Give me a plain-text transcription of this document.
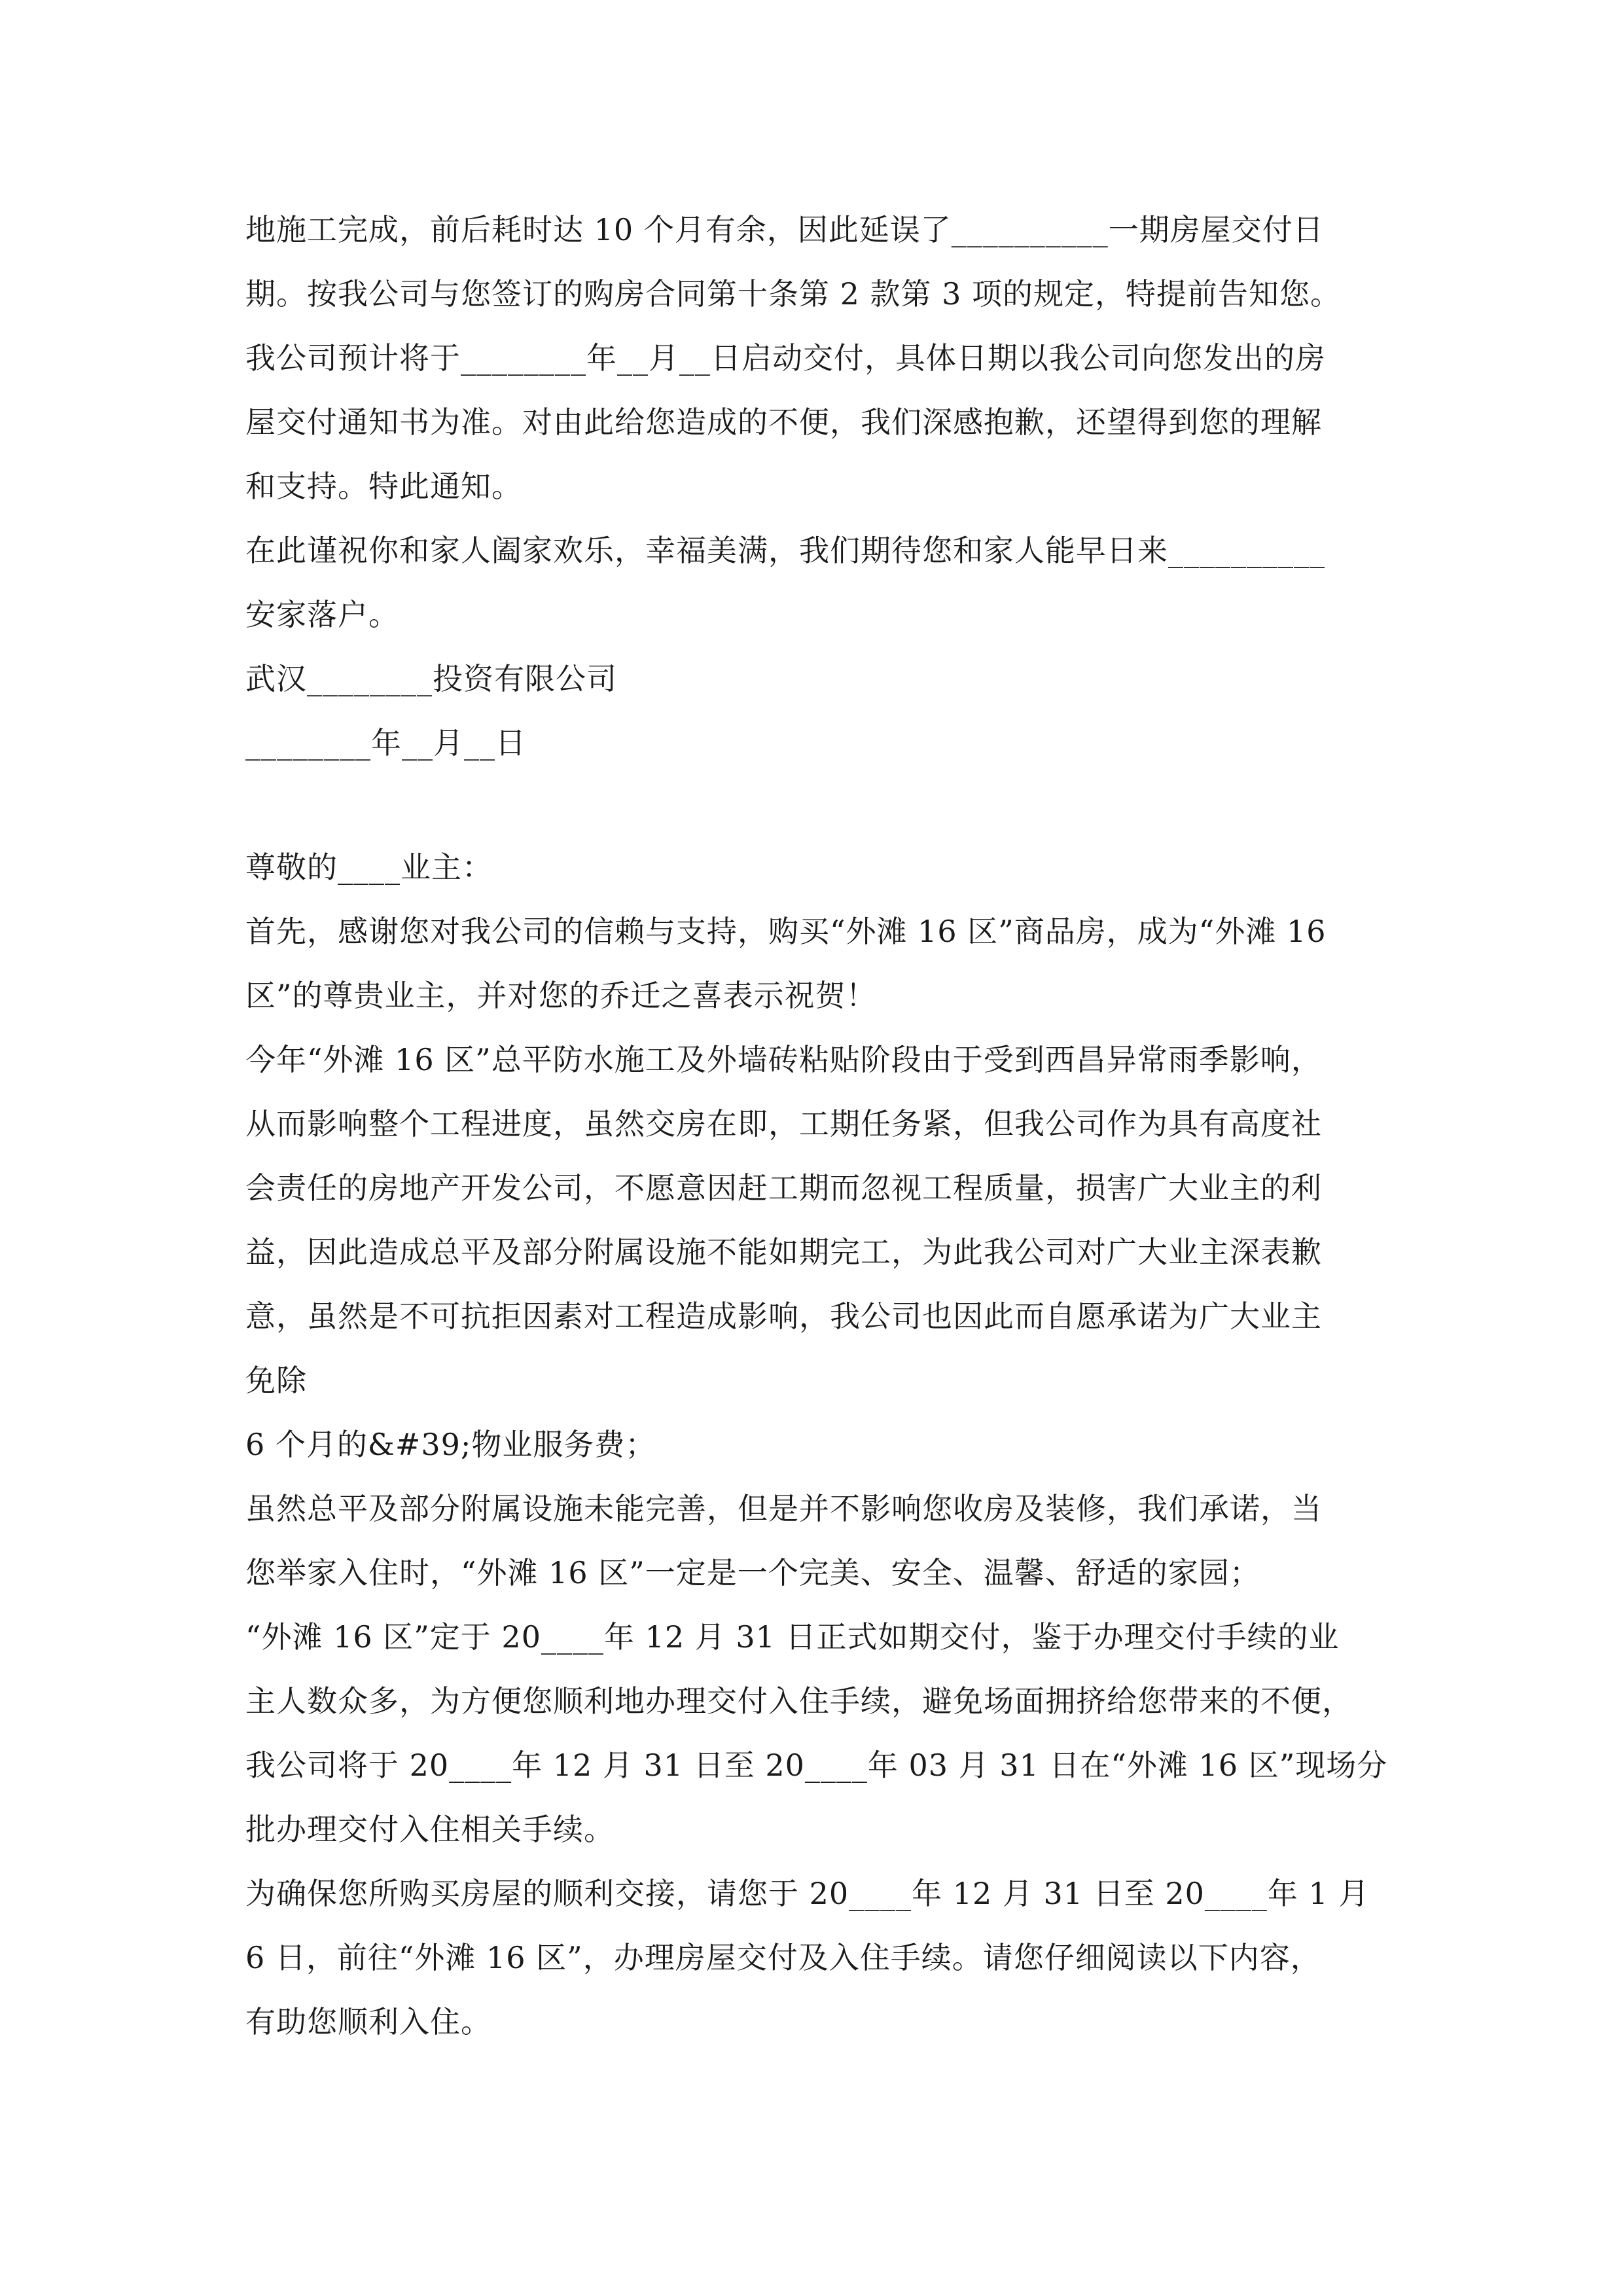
地施工完成，前后耗时达 10 个月有余，因此延误了__________一期房屋交付日
期。按我公司与您签订的购房合同第十条第 2 款第 3 项的规定，特提前告知您。
我公司预计将于________年__月__日启动交付，具体日期以我公司向您发出的房
屋交付通知书为准。对由此给您造成的不便，我们深感抱歉，还望得到您的理解
和支持。特此通知。
在此谨祝你和家人阖家欢乐，幸福美满，我们期待您和家人能早日来__________
安家落户。
武汉________投资有限公司
________年__月__日
尊敬的____业主：
首先，感谢您对我公司的信赖与支持，购买“外滩 16 区”商品房，成为“外滩 16
区”的尊贵业主，并对您的乔迁之喜表示祝贺！
今年“外滩 16 区”总平防水施工及外墙砖粘贴阶段由于受到西昌异常雨季影响，
从而影响整个工程进度，虽然交房在即，工期任务紧，但我公司作为具有高度社
会责任的房地产开发公司，不愿意因赶工期而忽视工程质量，损害广大业主的利
益，因此造成总平及部分附属设施不能如期完工，为此我公司对广大业主深表歉
意，虽然是不可抗拒因素对工程造成影响，我公司也因此而自愿承诺为广大业主
免除
6 个月的&#39;物业服务费；
虽然总平及部分附属设施未能完善，但是并不影响您收房及装修，我们承诺，当
您举家入住时，“外滩 16 区”一定是一个完美、安全、温馨、舒适的家园；
“外滩 16 区”定于 20____年 12 月 31 日正式如期交付，鉴于办理交付手续的业
主人数众多，为方便您顺利地办理交付入住手续，避免场面拥挤给您带来的不便，
我公司将于 20____年 12 月 31 日至 20____年 03 月 31 日在“外滩 16 区”现场分
批办理交付入住相关手续。
为确保您所购买房屋的顺利交接，请您于 20____年 12 月 31 日至 20____年 1 月
6 日，前往“外滩 16 区”，办理房屋交付及入住手续。请您仔细阅读以下内容，
有助您顺利入住。
